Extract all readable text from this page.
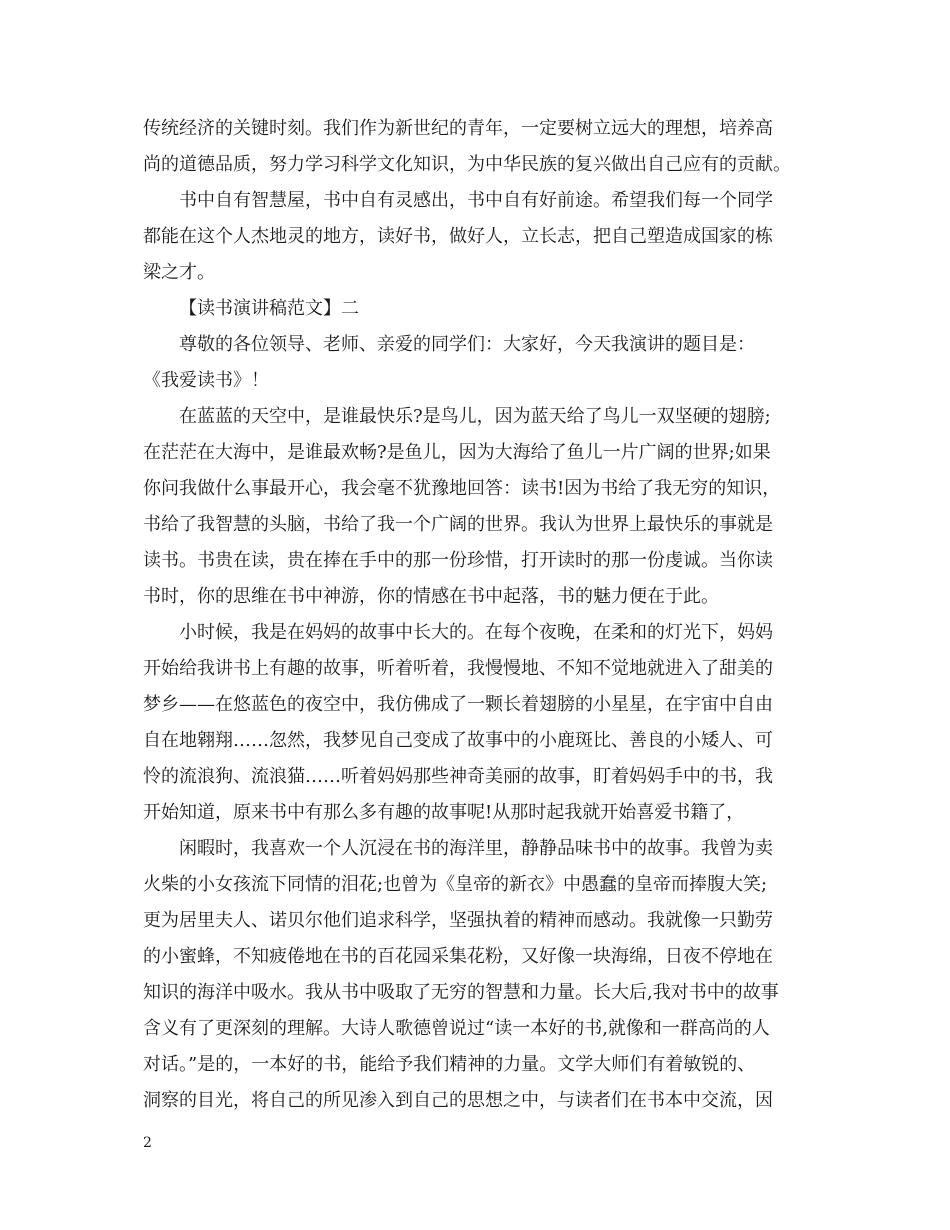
传统经济的关键时刻。我们作为新世纪的青年，一定要树立远大的理想，培养高
尚的道德品质，努力学习科学文化知识，为中华民族的复兴做出自己应有的贡献。
书中自有智慧屋，书中自有灵感出，书中自有好前途。希望我们每一个同学
都能在这个人杰地灵的地方，读好书，做好人，立长志，把自己塑造成国家的栋
梁之才。
【读书演讲稿范文】二
尊敬的各位领导、老师、亲爱的同学们：大家好，今天我演讲的题目是：
《我爱读书》！
在蓝蓝的天空中，是谁最快乐?是鸟儿，因为蓝天给了鸟儿一双坚硬的翅膀;
在茫茫在大海中，是谁最欢畅?是鱼儿，因为大海给了鱼儿一片广阔的世界;如果
你问我做什么事最开心，我会毫不犹豫地回答：读书!因为书给了我无穷的知识，
书给了我智慧的头脑，书给了我一个广阔的世界。我认为世界上最快乐的事就是
读书。书贵在读，贵在捧在手中的那一份珍惜，打开读时的那一份虔诚。当你读
书时，你的思维在书中神游，你的情感在书中起落，书的魅力便在于此。
小时候，我是在妈妈的故事中长大的。在每个夜晚，在柔和的灯光下，妈妈
开始给我讲书上有趣的故事，听着听着，我慢慢地、不知不觉地就进入了甜美的
梦乡——在悠蓝色的夜空中，我仿佛成了一颗长着翅膀的小星星，在宇宙中自由
自在地翱翔……忽然，我梦见自己变成了故事中的小鹿斑比、善良的小矮人、可
怜的流浪狗、流浪猫……听着妈妈那些神奇美丽的故事，盯着妈妈手中的书，我
开始知道，原来书中有那么多有趣的故事呢!从那时起我就开始喜爱书籍了，
闲暇时，我喜欢一个人沉浸在书的海洋里，静静品味书中的故事。我曾为卖
火柴的小女孩流下同情的泪花;也曾为《皇帝的新衣》中愚蠢的皇帝而捧腹大笑;
更为居里夫人、诺贝尔他们追求科学，坚强执着的精神而感动。我就像一只勤劳
的小蜜蜂，不知疲倦地在书的百花园采集花粉，又好像一块海绵，日夜不停地在
知识的海洋中吸水。我从书中吸取了无穷的智慧和力量。长大后,我对书中的故事
含义有了更深刻的理解。大诗人歌德曾说过“读一本好的书,就像和一群高尚的人
对话。”是的，一本好的书，能给予我们精神的力量。文学大师们有着敏锐的、
洞察的目光，将自己的所见渗入到自己的思想之中，与读者们在书本中交流，因
2
